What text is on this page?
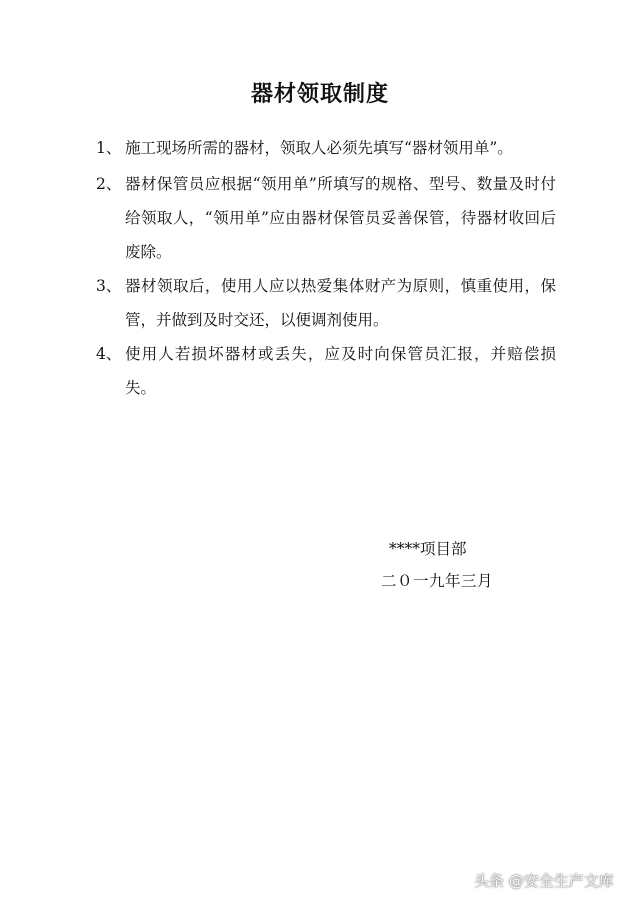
器材领取制度
1、 施工现场所需的器材，领取人必须先填写“器材领用单”。
2、 器材保管员应根据“领用单”所填写的规格、型号、数量及时付给领取人，“领用单”应由器材保管员妥善保管，待器材收回后废除。
3、 器材领取后，使用人应以热爱集体财产为原则，慎重使用，保管，并做到及时交还，以便调剂使用。
4、 使用人若损坏器材或丢失，应及时向保管员汇报，并赔偿损失。
****项目部
二０一九年三月
头条 @安全生产文库
